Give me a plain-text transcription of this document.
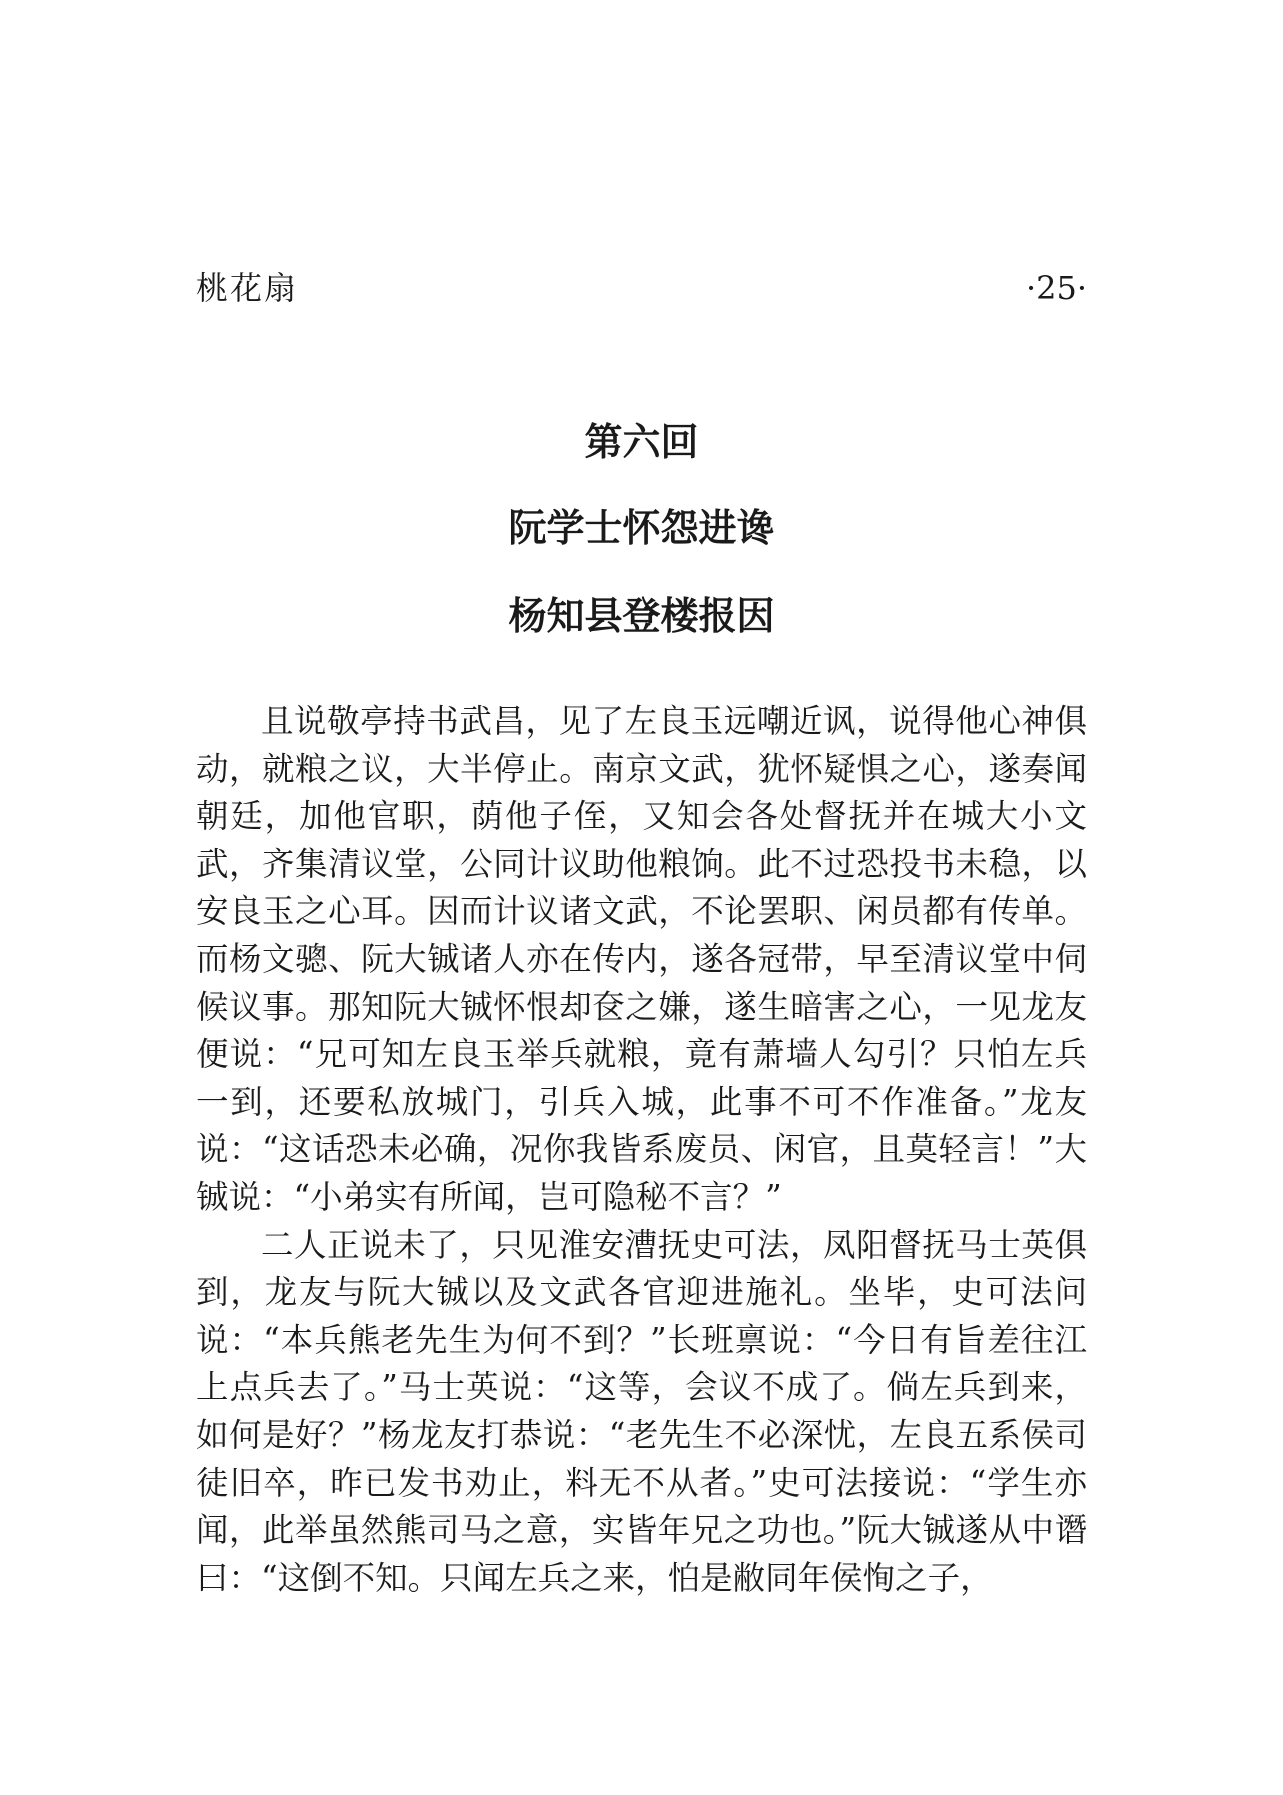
桃花扇	·25·
第六回
阮学士怀怨进谗
杨知县登楼报因

且说敬亭持书武昌，见了左良玉远嘲近讽，说得他心神俱动，就粮之议，大半停止。南京文武，犹怀疑惧之心，遂奏闻朝廷，加他官职，荫他子侄，又知会各处督抚并在城大小文武，齐集清议堂，公同计议助他粮饷。此不过恐投书未稳，以安良玉之心耳。因而计议诸文武，不论罢职、闲员都有传单。而杨文骢、阮大铖诸人亦在传内，遂各冠带，早至清议堂中伺候议事。那知阮大铖怀恨却奁之嫌，遂生暗害之心，一见龙友便说：“兄可知左良玉举兵就粮，竟有萧墙人勾引？只怕左兵一到，还要私放城门，引兵入城，此事不可不作准备。”龙友说：“这话恐未必确，况你我皆系废员、闲官，且莫轻言！”大铖说：“小弟实有所闻，岂可隐秘不言？”

二人正说未了，只见淮安漕抚史可法，凤阳督抚马士英俱到，龙友与阮大铖以及文武各官迎进施礼。坐毕，史可法问说：“本兵熊老先生为何不到？”长班禀说：“今日有旨差往江上点兵去了。”马士英说：“这等，会议不成了。倘左兵到来，如何是好？”杨龙友打恭说：“老先生不必深忧，左良五系侯司徒旧卒，昨已发书劝止，料无不从者。”史可法接说：“学生亦闻，此举虽然熊司马之意，实皆年兄之功也。”阮大铖遂从中谮曰：“这倒不知。只闻左兵之来，怕是敝同年侯恂之子，
